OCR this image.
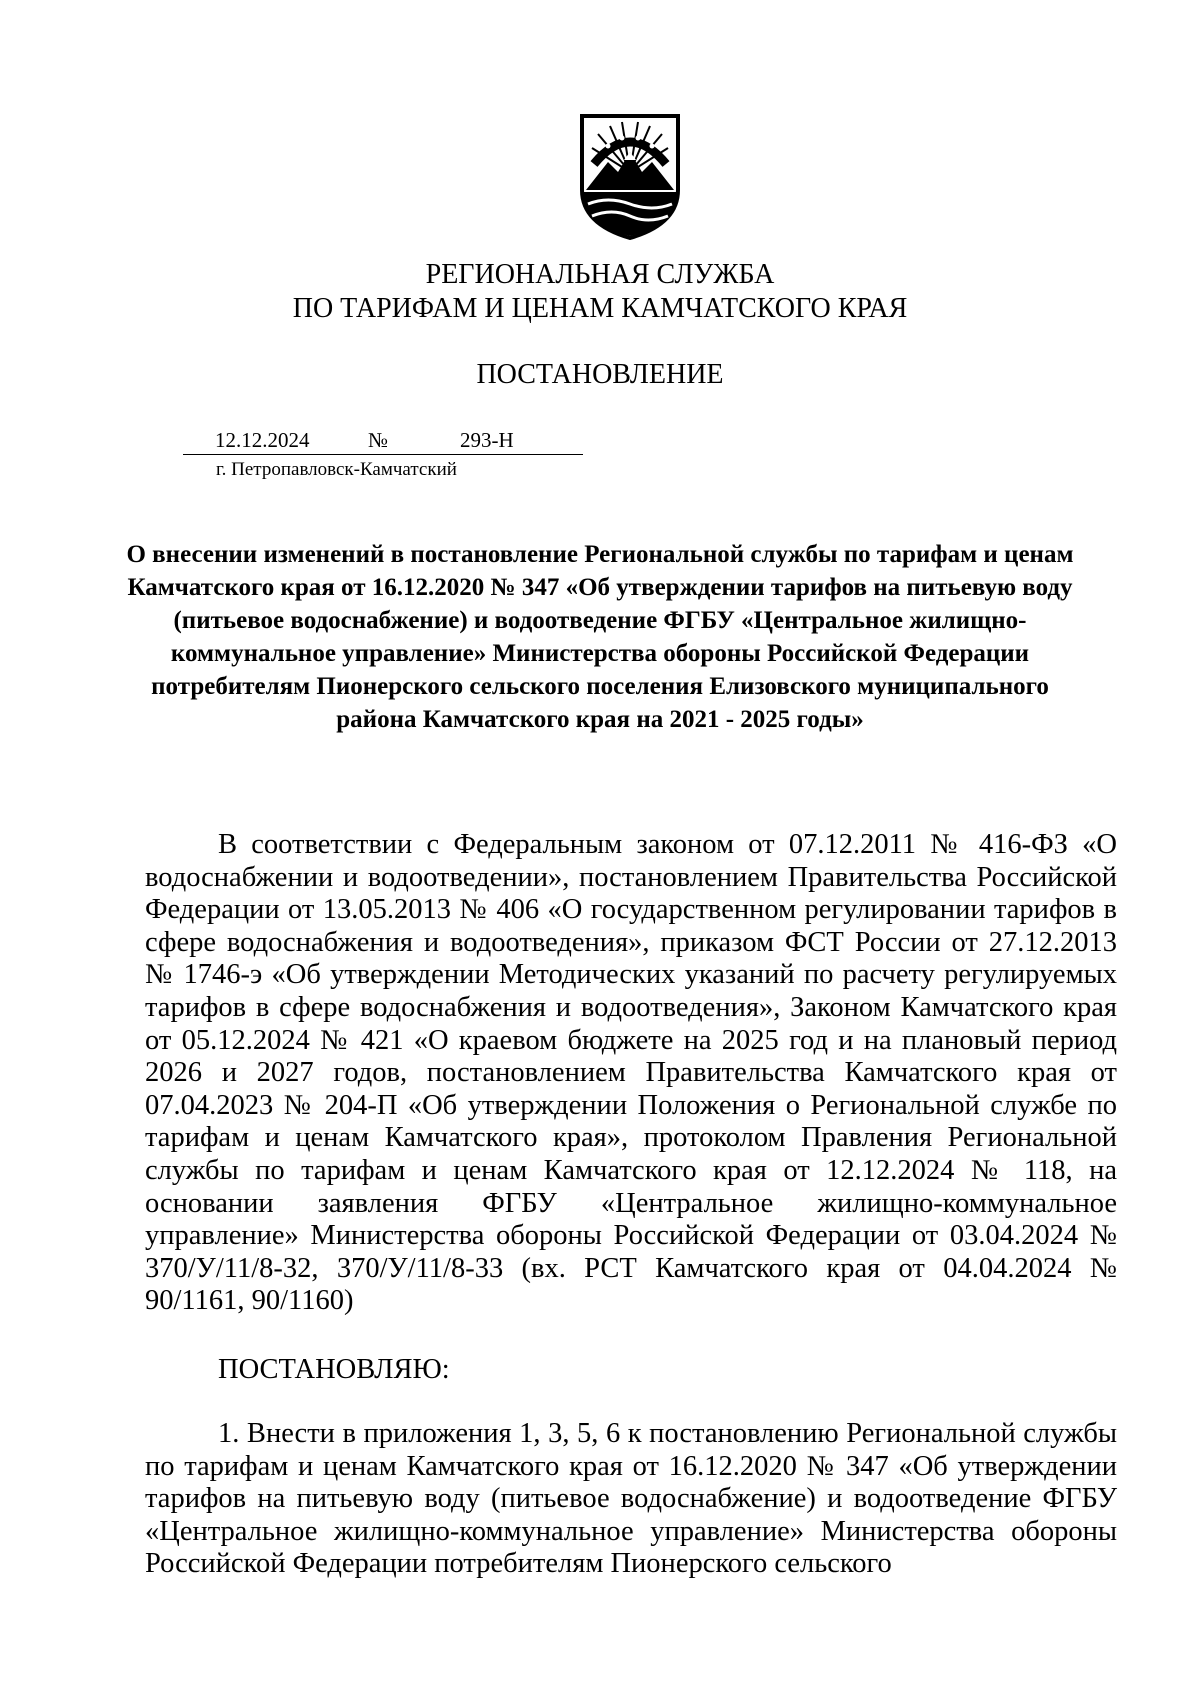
РЕГИОНАЛЬНАЯ СЛУЖБА
ПО ТАРИФАМ И ЦЕНАМ КАМЧАТСКОГО КРАЯ
ПОСТАНОВЛЕНИЕ
12.12.2024	№	293-Н
г. Петропавловск-Камчатский

О внесении изменений в постановление Региональной службы по тарифам и ценам Камчатского края от 16.12.2020 № 347 «Об утверждении тарифов на питьевую воду (питьевое водоснабжение) и водоотведение ФГБУ «Центральное жилищно-коммунальное управление» Министерства обороны Российской Федерации потребителям Пионерского сельского поселения Елизовского муниципального района Камчатского края на 2021 - 2025 годы»

В соответствии с Федеральным законом от 07.12.2011 № 416-ФЗ «О водоснабжении и водоотведении», постановлением Правительства Российской Федерации от 13.05.2013 № 406 «О государственном регулировании тарифов в сфере водоснабжения и водоотведения», приказом ФСТ России от 27.12.2013 № 1746-э «Об утверждении Методических указаний по расчету регулируемых тарифов в сфере водоснабжения и водоотведения», Законом Камчатского края от 05.12.2024 № 421 «О краевом бюджете на 2025 год и на плановый период 2026 и 2027 годов, постановлением Правительства Камчатского края от 07.04.2023 № 204-П «Об утверждении Положения о Региональной службе по тарифам и ценам Камчатского края», протоколом Правления Региональной службы по тарифам и ценам Камчатского края от 12.12.2024 № 118, на основании заявления ФГБУ «Центральное жилищно-коммунальное управление» Министерства обороны Российской Федерации от 03.04.2024 № 370/У/11/8-32, 370/У/11/8-33 (вх. РСТ Камчатского края от 04.04.2024 № 90/1161, 90/1160)

ПОСТАНОВЛЯЮ:

1. Внести в приложения 1, 3, 5, 6 к постановлению Региональной службы по тарифам и ценам Камчатского края от 16.12.2020 № 347 «Об утверждении тарифов на питьевую воду (питьевое водоснабжение) и водоотведение ФГБУ «Центральное жилищно-коммунальное управление» Министерства обороны Российской Федерации потребителям Пионерского сельского
